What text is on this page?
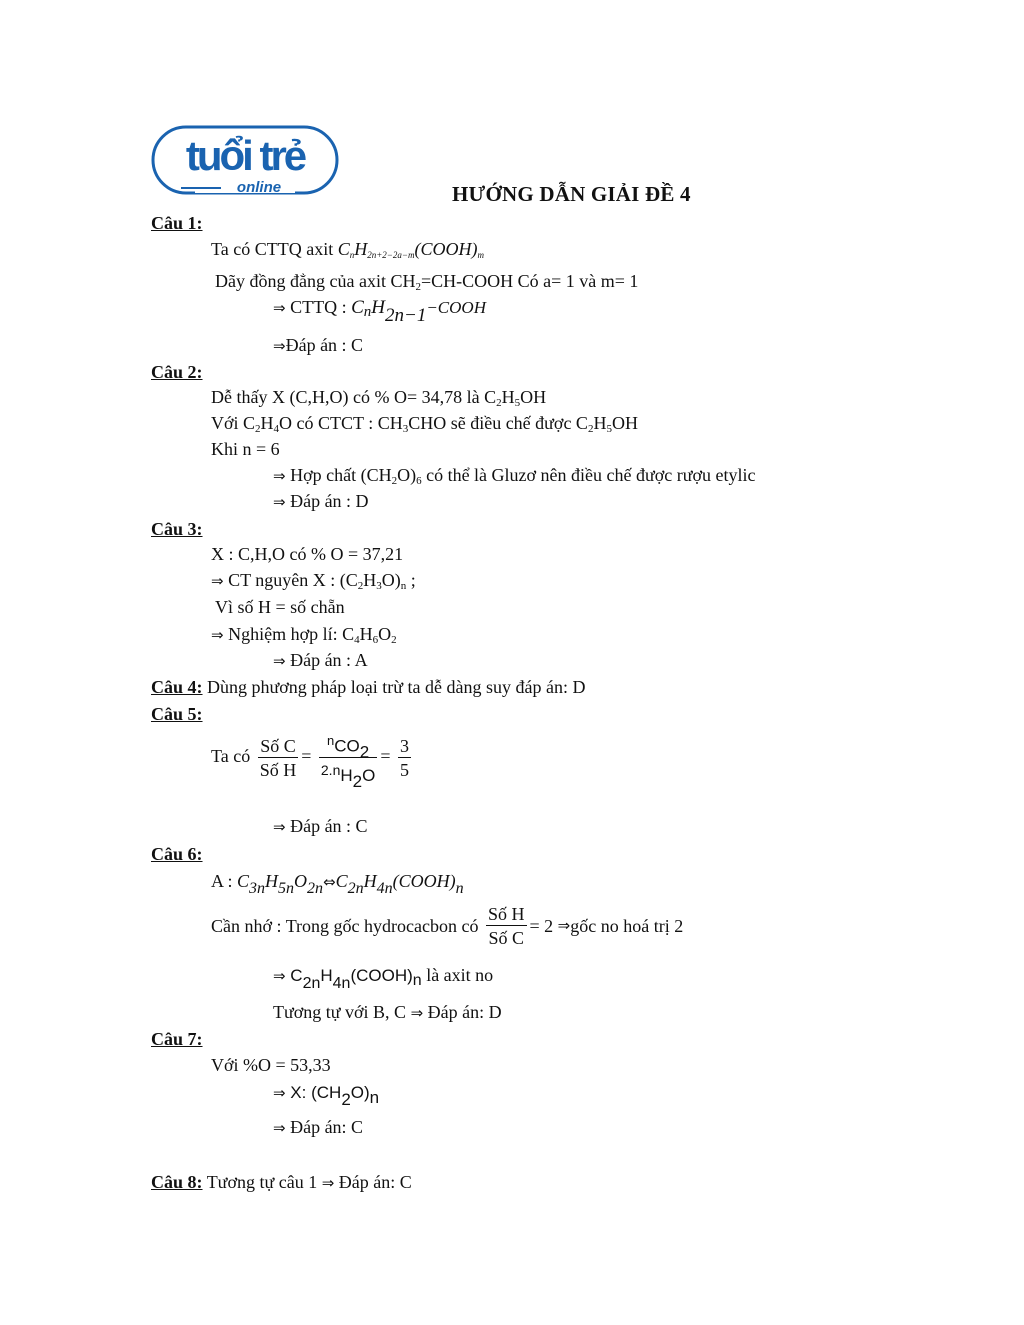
tuổi trẻ
online	HƯỚNG DẪN GIẢI ĐỀ 4
Câu 1:
Ta có CTTQ axit $C_nH_{2n+2-2a-m}(COOH)_m$
Dãy đồng đẳng của axit $CH_2=CH$-COOH Có a= 1 và m= 1
⇒ CTTQ : $C_nH_{2n-1}-COOH$
⇒Đáp án : C
Câu 2:
Dễ thấy X (C,H,O) có % O= 34,78 là $C_2H_5OH$
Với $C_2H_4O$ có CTCT : $CH_3CHO$ sẽ điều chế được $C_2H_5OH$
Khi n = 6
⇒ Hợp chất $(CH_2O)_6$ có thể là Gluzơ nên điều chế được rượu etylic
⇒ Đáp án : D
Câu 3:
X : C,H,O có % O = 37,21
⇒ CT nguyên X : $(C_2H_3O)_n$ ;
Vì số H = số chẵn
⇒ Nghiệm hợp lí: $C_4H_6O_2$
⇒ Đáp án : A
Câu 4: Dùng phương pháp loại trừ ta dễ dàng suy đáp án: D
Câu 5:
Ta có $\frac{\text{Số C}}{\text{Số H}} = \frac{^nCO_2}{2.n_{H2O}} = \frac{3}{5}$
⇒ Đáp án : C
Câu 6:
A : $C_{3n}H_{5n}O_{2n}\Leftrightarrow C_{2n}H_{4n}(COOH)_n$
Cần nhớ : Trong gốc hydrocacbon có $\frac{\text{Số H}}{\text{Số C}} = 2$ ⇒gốc no hoá trị 2
⇒ $C_{2n}H_{4n}(COOH)_n$ là axit no
Tương tự với B, C ⇒ Đáp án: D
Câu 7:
Với %O = 53,33
⇒ X: $(CH_2O)_n$
⇒ Đáp án: C
Câu 8: Tương tự câu 1 ⇒ Đáp án: C
